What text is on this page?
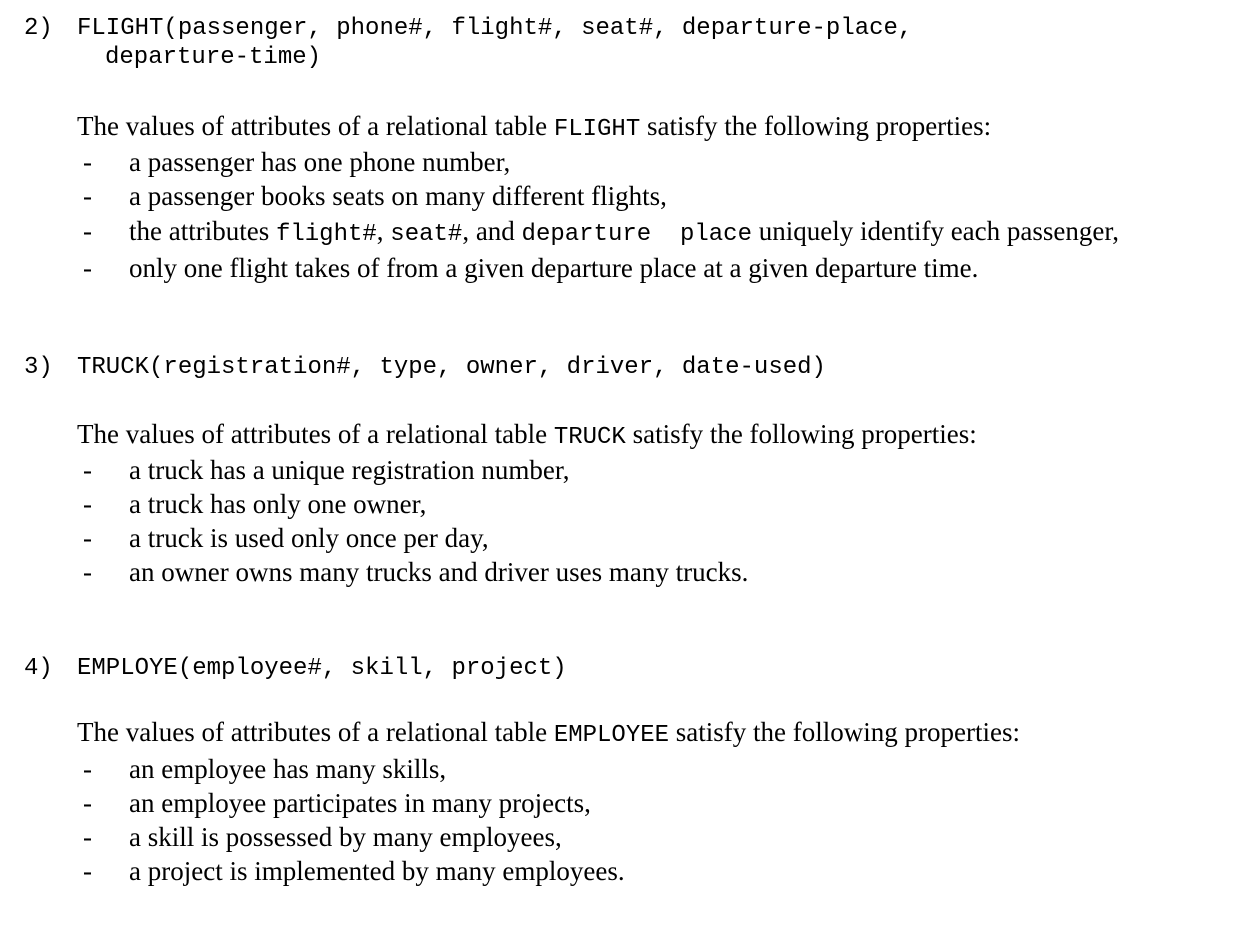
2) FLIGHT(passenger, phone#, flight#, seat#, departure-place,
departure-time)
The values of attributes of a relational table FLIGHT satisfy the following properties:
- a passenger has one phone number,
- a passenger books seats on many different flights,
- the attributes flight#, seat#, and departure  place uniquely identify each passenger,
- only one flight takes of from a given departure place at a given departure time.
3) TRUCK(registration#, type, owner, driver, date-used)
The values of attributes of a relational table TRUCK satisfy the following properties:
- a truck has a unique registration number,
- a truck has only one owner,
- a truck is used only once per day,
- an owner owns many trucks and driver uses many trucks.
4) EMPLOYE(employee#, skill, project)
The values of attributes of a relational table EMPLOYEE satisfy the following properties:
- an employee has many skills,
- an employee participates in many projects,
- a skill is possessed by many employees,
- a project is implemented by many employees.
